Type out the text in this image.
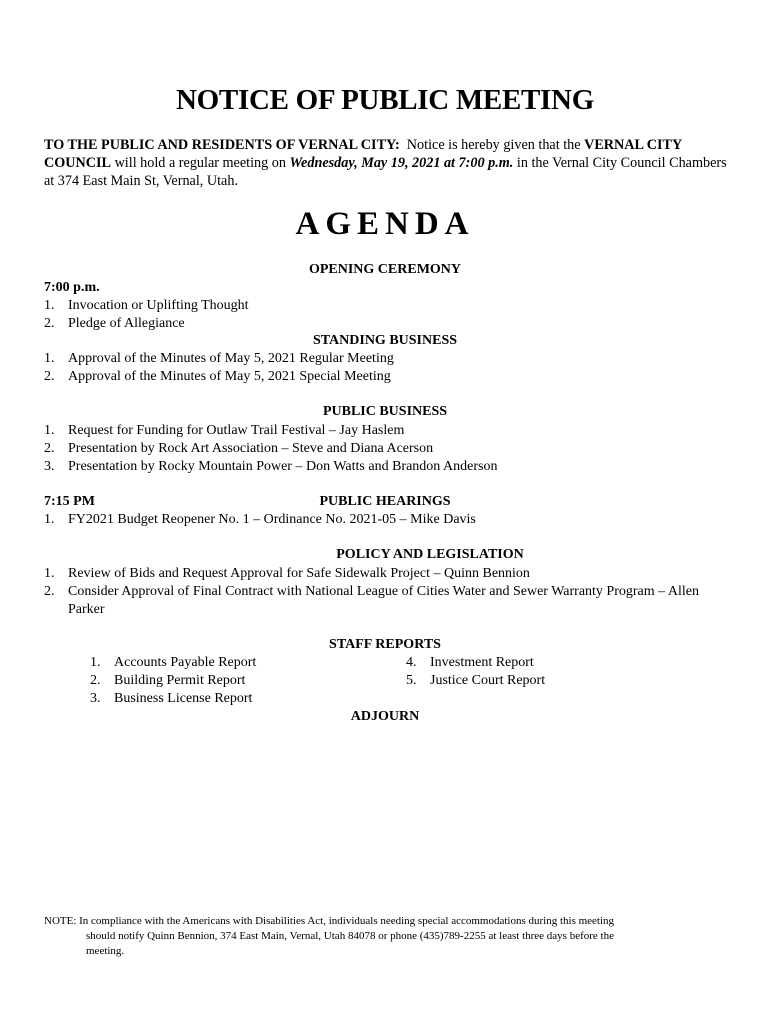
NOTICE OF PUBLIC MEETING
TO THE PUBLIC AND RESIDENTS OF VERNAL CITY:  Notice is hereby given that the VERNAL CITY COUNCIL will hold a regular meeting on Wednesday, May 19, 2021 at 7:00 p.m. in the Vernal City Council Chambers at 374 East Main St, Vernal, Utah.
AGENDA
OPENING CEREMONY
7:00 p.m.
1. Invocation or Uplifting Thought
2. Pledge of Allegiance
STANDING BUSINESS
1. Approval of the Minutes of May 5, 2021 Regular Meeting
2. Approval of the Minutes of May 5, 2021 Special Meeting
PUBLIC BUSINESS
1. Request for Funding for Outlaw Trail Festival – Jay Haslem
2. Presentation by Rock Art Association – Steve and Diana Acerson
3. Presentation by Rocky Mountain Power – Don Watts and Brandon Anderson
7:15 PM	PUBLIC HEARINGS
1. FY2021 Budget Reopener No. 1 – Ordinance No. 2021-05 – Mike Davis
POLICY AND LEGISLATION
1. Review of Bids and Request Approval for Safe Sidewalk Project – Quinn Bennion
2. Consider Approval of Final Contract with National League of Cities Water and Sewer Warranty Program – Allen Parker
STAFF REPORTS
1. Accounts Payable Report
2. Building Permit Report
3. Business License Report
4. Investment Report
5. Justice Court Report
ADJOURN
NOTE: In compliance with the Americans with Disabilities Act, individuals needing special accommodations during this meeting
should notify Quinn Bennion, 374 East Main, Vernal, Utah 84078 or phone (435)789-2255 at least three days before the
meeting.
